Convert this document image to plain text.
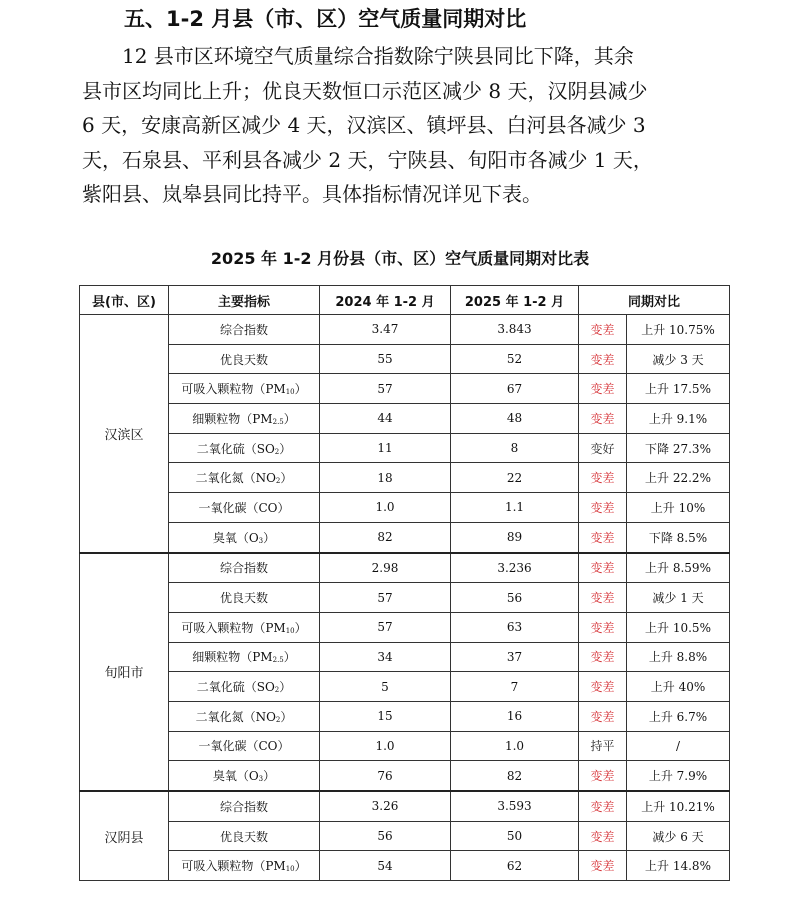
五、1-2 月县（市、区）空气质量同期对比
12 县市区环境空气质量综合指数除宁陕县同比下降，其余
县市区均同比上升；优良天数恒口示范区减少 8 天，汉阴县减少
6 天，安康高新区减少 4 天，汉滨区、镇坪县、白河县各减少 3
天，石泉县、平利县各减少 2 天，宁陕县、旬阳市各减少 1 天，
紫阳县、岚皋县同比持平。具体指标情况详见下表。
2025 年 1-2 月份县（市、区）空气质量同期对比表
县(市、区)	主要指标	2024 年 1-2 月	2025 年 1-2 月	同期对比	
汉滨区	综合指数	3.47	3.843	变差	上升 10.75%
	优良天数	55	52	变差	减少 3 天
	可吸入颗粒物$(PM_{10})$	57	67	变差	上升 17.5%
	细颗粒物$(PM_{2.5})$	44	48	变差	上升 9.1%
	二氧化硫$(SO_2)$	11	8	变好	下降 27.3%
	二氧化氮$(NO_2)$	18	22	变差	上升 22.2%
	一氧化碳（CO）	1.0	1.1	变差	上升 10%
	臭氧$(O_3)$	82	89	变差	下降 8.5%
旬阳市	综合指数	2.98	3.236	变差	上升 8.59%
	优良天数	57	56	变差	减少 1 天
	可吸入颗粒物$(PM_{10})$	57	63	变差	上升 10.5%
	细颗粒物$(PM_{2.5})$	34	37	变差	上升 8.8%
	二氧化硫$(SO_2)$	5	7	变差	上升 40%
	二氧化氮$(NO_2)$	15	16	变差	上升 6.7%
	一氧化碳（CO）	1.0	1.0	持平	/
	臭氧$(O_3)$	76	82	变差	上升 7.9%
汉阴县	综合指数	3.26	3.593	变差	上升 10.21%
	优良天数	56	50	变差	减少 6 天
	可吸入颗粒物$(PM_{10})$	54	62	变差	上升 14.8%
